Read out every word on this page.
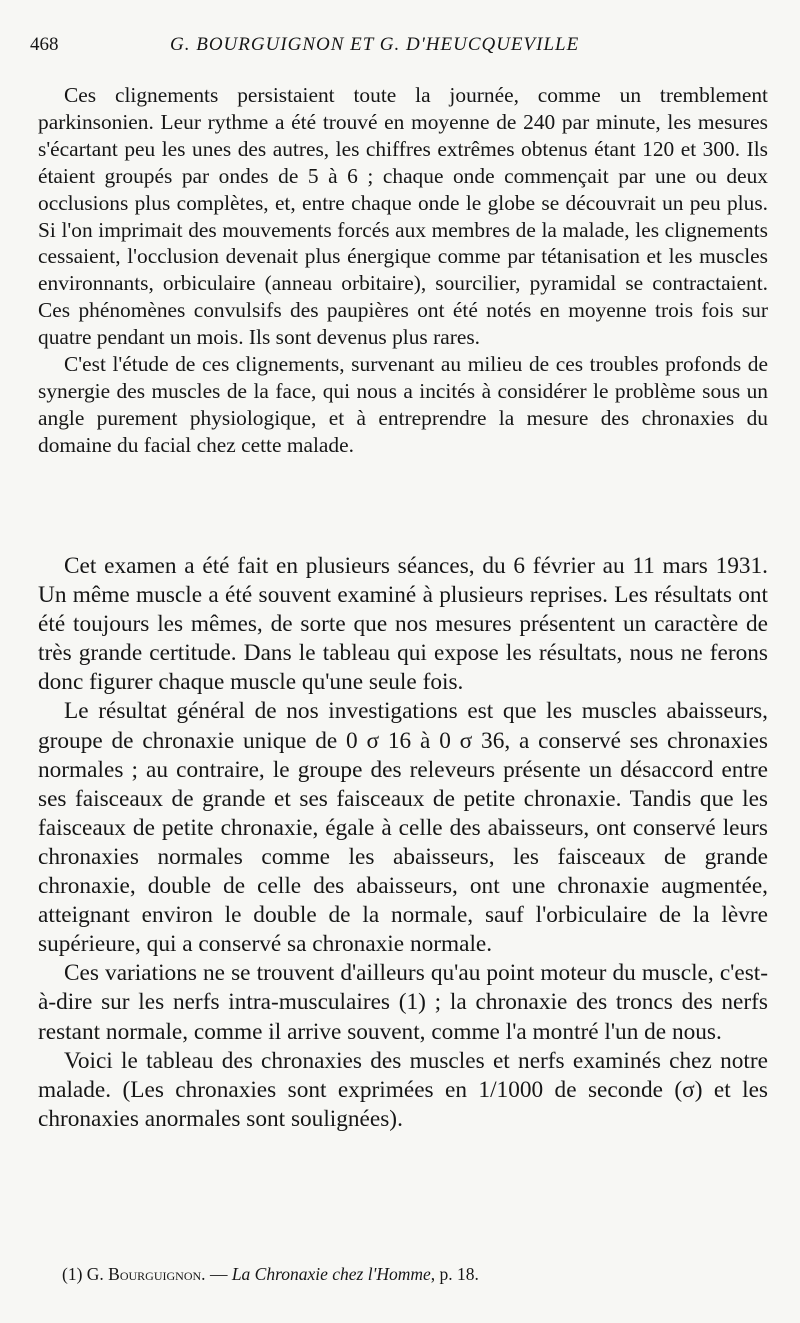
468	G. BOURGUIGNON ET G. D'HEUCQUEVILLE

Ces clignements persistaient toute la journée, comme un tremblement parkinsonien. Leur rythme a été trouvé en moyenne de 240 par minute, les mesures s'écartant peu les unes des autres, les chiffres extrêmes obtenus étant 120 et 300. Ils étaient groupés par ondes de 5 à 6 ; chaque onde commençait par une ou deux occlusions plus complètes, et, entre chaque onde le globe se découvrait un peu plus. Si l'on imprimait des mouvements forcés aux membres de la malade, les clignements cessaient, l'occlusion devenait plus énergique comme par tétanisation et les muscles environnants, orbiculaire (anneau orbitaire), sourcilier, pyramidal se contractaient. Ces phénomènes convulsifs des paupières ont été notés en moyenne trois fois sur quatre pendant un mois. Ils sont devenus plus rares.

C'est l'étude de ces clignements, survenant au milieu de ces troubles profonds de synergie des muscles de la face, qui nous a incités à considérer le problème sous un angle purement physiologique, et à entreprendre la mesure des chronaxies du domaine du facial chez cette malade.

Cet examen a été fait en plusieurs séances, du 6 février au 11 mars 1931. Un même muscle a été souvent examiné à plusieurs reprises. Les résultats ont été toujours les mêmes, de sorte que nos mesures présentent un caractère de très grande certitude. Dans le tableau qui expose les résultats, nous ne ferons donc figurer chaque muscle qu'une seule fois.

Le résultat général de nos investigations est que les muscles abaisseurs, groupe de chronaxie unique de 0 σ 16 à 0 σ 36, a conservé ses chronaxies normales ; au contraire, le groupe des releveurs présente un désaccord entre ses faisceaux de grande et ses faisceaux de petite chronaxie. Tandis que les faisceaux de petite chronaxie, égale à celle des abaisseurs, ont conservé leurs chronaxies normales comme les abaisseurs, les faisceaux de grande chronaxie, double de celle des abaisseurs, ont une chronaxie augmentée, atteignant environ le double de la normale, sauf l'orbiculaire de la lèvre supérieure, qui a conservé sa chronaxie normale.

Ces variations ne se trouvent d'ailleurs qu'au point moteur du muscle, c'est-à-dire sur les nerfs intra-musculaires (1) ; la chronaxie des troncs des nerfs restant normale, comme il arrive souvent, comme l'a montré l'un de nous.

Voici le tableau des chronaxies des muscles et nerfs examinés chez notre malade. (Les chronaxies sont exprimées en 1/1000 de seconde (σ) et les chronaxies anormales sont soulignées).

(1) G. Bourguignon. — La Chronaxie chez l'Homme, p. 18.
